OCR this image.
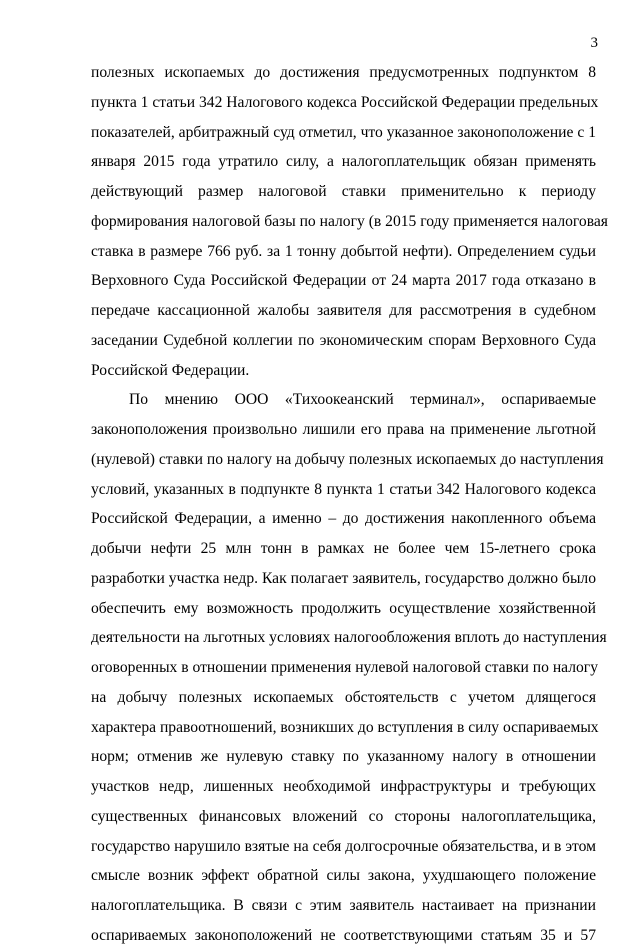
3
полезных ископаемых до достижения предусмотренных подпунктом 8
пункта 1 статьи 342 Налогового кодекса Российской Федерации предельных
показателей, арбитражный суд отметил, что указанное законоположение с 1
января 2015 года утратило силу, а налогоплательщик обязан применять
действующий размер налоговой ставки применительно к периоду
формирования налоговой базы по налогу (в 2015 году применяется налоговая
ставка в размере 766 руб. за 1 тонну добытой нефти). Определением судьи
Верховного Суда Российской Федерации от 24 марта 2017 года отказано в
передаче кассационной жалобы заявителя для рассмотрения в судебном
заседании Судебной коллегии по экономическим спорам Верховного Суда
Российской Федерации.
По мнению ООО «Тихоокеанский терминал», оспариваемые
законоположения произвольно лишили его права на применение льготной
(нулевой) ставки по налогу на добычу полезных ископаемых до наступления
условий, указанных в подпункте 8 пункта 1 статьи 342 Налогового кодекса
Российской Федерации, а именно – до достижения накопленного объема
добычи нефти 25 млн тонн в рамках не более чем 15-летнего срока
разработки участка недр. Как полагает заявитель, государство должно было
обеспечить ему возможность продолжить осуществление хозяйственной
деятельности на льготных условиях налогообложения вплоть до наступления
оговоренных в отношении применения нулевой налоговой ставки по налогу
на добычу полезных ископаемых обстоятельств с учетом длящегося
характера правоотношений, возникших до вступления в силу оспариваемых
норм; отменив же нулевую ставку по указанному налогу в отношении
участков недр, лишенных необходимой инфраструктуры и требующих
существенных финансовых вложений со стороны налогоплательщика,
государство нарушило взятые на себя долгосрочные обязательства, и в этом
смысле возник эффект обратной силы закона, ухудшающего положение
налогоплательщика. В связи с этим заявитель настаивает на признании
оспариваемых законоположений не соответствующими статьям 35 и 57
